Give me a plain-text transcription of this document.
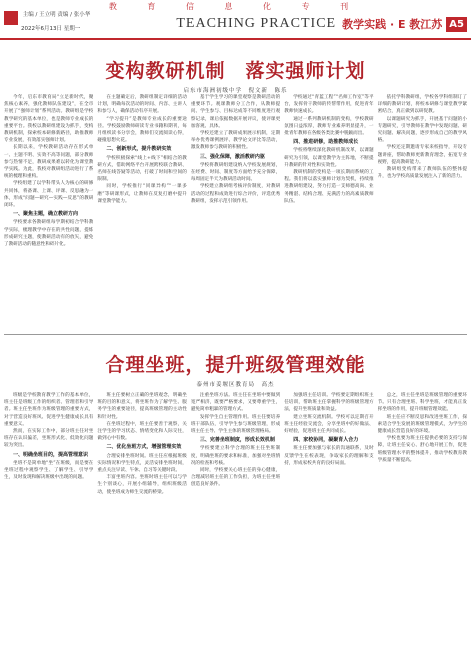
教 育 信 息 化 专 刊
主编 / 王立明 责编 / 张小华
2022年6月13日 星期一	TEACHING PRACTICE 教学实践 · E 教江苏 A5
变构教研机制　落实强师计划
启东市海洲初级中学　倪文新　陈乐

今年，启东市教育局“立足新时代，聚焦核心素养，强化教师队伍建设”，在全市开展了“强师计划”系列活动。教研组是学校教学研究的基本单位，也是教师专业成长的重要平台。我校以教研组建设为抓手，变构教研机制，探索校本研修新路径，助推教师专业发展，有效落实强师计划。

长期以来，学校教研活动存在形式单一、主题不明、实效不高等问题，部分教师参与热情不足，教研成果难以转化为课堂教学实践。为此，我校对教研组活动进行了系统的梳理和重构。

学校组建了以学科带头人为核心的研修共同体，将备课、上课、评课、反思融为一体，形成“问题—研究—实践—反思”的教研闭环。

一、聚焦主题，确立教研方向

学校要求各教研组每学期初结合学科教学实际，梳理教学中存在的共性问题，提炼形成研究主题，使教研活动有的放矢，避免了教研活动的随意性和碎片化。

在主题确定后，教研组制定详细的活动计划，明确每次活动的时间、内容、主讲人和参与人，确保活动有序开展。

“学习提升”是教师专业成长的重要途径。学校鼓励教师研读专业书籍和期刊，每月组织读书分享会，教师们交流阅读心得，碰撞思想火花。

二、创新形式，提升教研实效

学校积极探索“线上+线下”相结合的教研方式，借助网络平台开展跨校联合教研、名师在线答疑等活动，打破了时间和空间的限制。

同时，学校推行“同课异构”“一课多磨”等研课形式，让教师在反复打磨中提升课堂教学能力。

基于学生学习的课堂观察是教研活动的重要环节。观课教师分工合作，从教师提问、学生参与、目标达成等不同维度进行观察记录，课后依据数据开展评议，使评课更加客观、具体。

学校还建立了教研成果展示机制，定期举办优秀课例展评、教学论文评比等活动，激发教师参与教研的积极性。

三、强化保障，激活教研内驱

学校将教研组建设纳入学校发展规划，在经费、时间、制度等方面给予充分保障，每周固定半天为教研活动时间。

学校建立教研组考核评价制度，对教研活动的过程和成效进行综合评价，评选优秀教研组，发挥示范引领作用。

学校通过“青蓝工程”“名师工作室”等平台，发挥骨干教师的传帮带作用，促进青年教师快速成长。

通过一系列教研机制的变构，学校教研氛围日益浓厚，教师专业素养明显提升，一批青年教师在各级各类比赛中脱颖而出。

四、推进研修，助推教师成长

学校将继续深化教研机制改革，以课题研究为引领，以课堂教学为主阵地，不断提升教研的针对性和实效性。

教研机制的变构是一项长期而系统的工程。我们将以落实强师计划为契机，持续推进教研组建设，努力打造一支师德高尚、业务精湛、结构合理、充满活力的高素质教师队伍。

依托学科教研组，学校各学科组制订了详细的教研计划，将校本研修与课堂教学紧密结合，真正做到以研促教。

以课题研究为抓手，开展基于问题的小专题研究，引导教师在教学中发现问题、研究问题、解决问题，逐步形成自己的教学风格。

学校还定期邀请专家来校指导，开设专题讲座，帮助教师更新教育理念，拓宽专业视野，提高教研能力。

教研组变构带来了教师队伍的整体提升，也为学校高质量发展注入了新的活力。

合理坐班，提升班级管理效能
泰州市姜堰区教育局　高杰

班级是学校教育教学工作的基本单位，班主任是班级工作的组织者、管理者和引导者。班主任坐班作为班级管理的重要方式，对于营造良好班风、促进学生健康成长具有重要意义。

然而，在实际工作中，部分班主任对坐班存在认识偏差，坐班形式化、低效化问题较为突出。

一、明确坐班目的，提高管理意识

坐班不是简单地“坐”在班级，而是要在坐班过程中观察学生、了解学生、引导学生，及时发现和解决班级中出现的问题。

班主任要树立正确的坐班观念，明确坐班的目的和意义，将坐班作为了解学生、服务学生的重要途径，提高班级管理的主动性和针对性。

在坐班过程中，班主任要善于观察，关注学生的学习状态、情绪变化和人际交往，做到心中有数。

二、优化坐班方式，增强管理实效

合理安排坐班时间。班主任应根据班级实际情况和学生特点，灵活安排坐班时间，重点关注早读、午休、自习等关键时段。

丰富坐班内容。坐班时班主任可以与学生个别谈心，开展小组辅导，组织班级活动，使坐班成为师生交流的桥梁。

注重坐班方法。班主任在坐班中要做到宽严相济，既要严格要求，又要尊重学生，避免简单粗暴的管理方式。

发挥学生自主管理作用。班主任要培养班干部队伍，引导学生参与班级管理，形成班主任主导、学生主体的班级管理格局。

三、完善坐班制度，形成长效机制

学校要建立科学合理的班主任坐班制度，明确坐班的要求和标准，加强对坐班情况的检查和考核。

同时，学校要关心班主任的身心健康，合理减轻班主任的工作负担，为班主任坐班创造良好条件。

加强班主任培训。学校要定期组织班主任培训，帮助班主任掌握科学的班级管理方法，提升坐班质量和效益。

建立坐班交流机制。学校可以定期召开班主任经验交流会，分享坐班中的好做法、好经验，促进班主任共同成长。

四、家校协同，凝聚育人合力

班主任要加强与家长的沟通联系，及时反馈学生在校表现，争取家长的理解和支持，形成家校共育的良好局面。

总之，班主任坐班是班级管理的重要环节。只有合理坐班、科学坐班，才能真正发挥坐班的作用，提升班级管理效能。

班主任应不断反思和改进坐班工作，探索适合学生发展的班级管理模式，为学生的健康成长营造良好的环境。

学校也要为班主任提供必要的支持与保障，让班主任安心、舒心地开展工作，促进班级管理水平的整体提升，推动学校教育教学质量不断提高。
